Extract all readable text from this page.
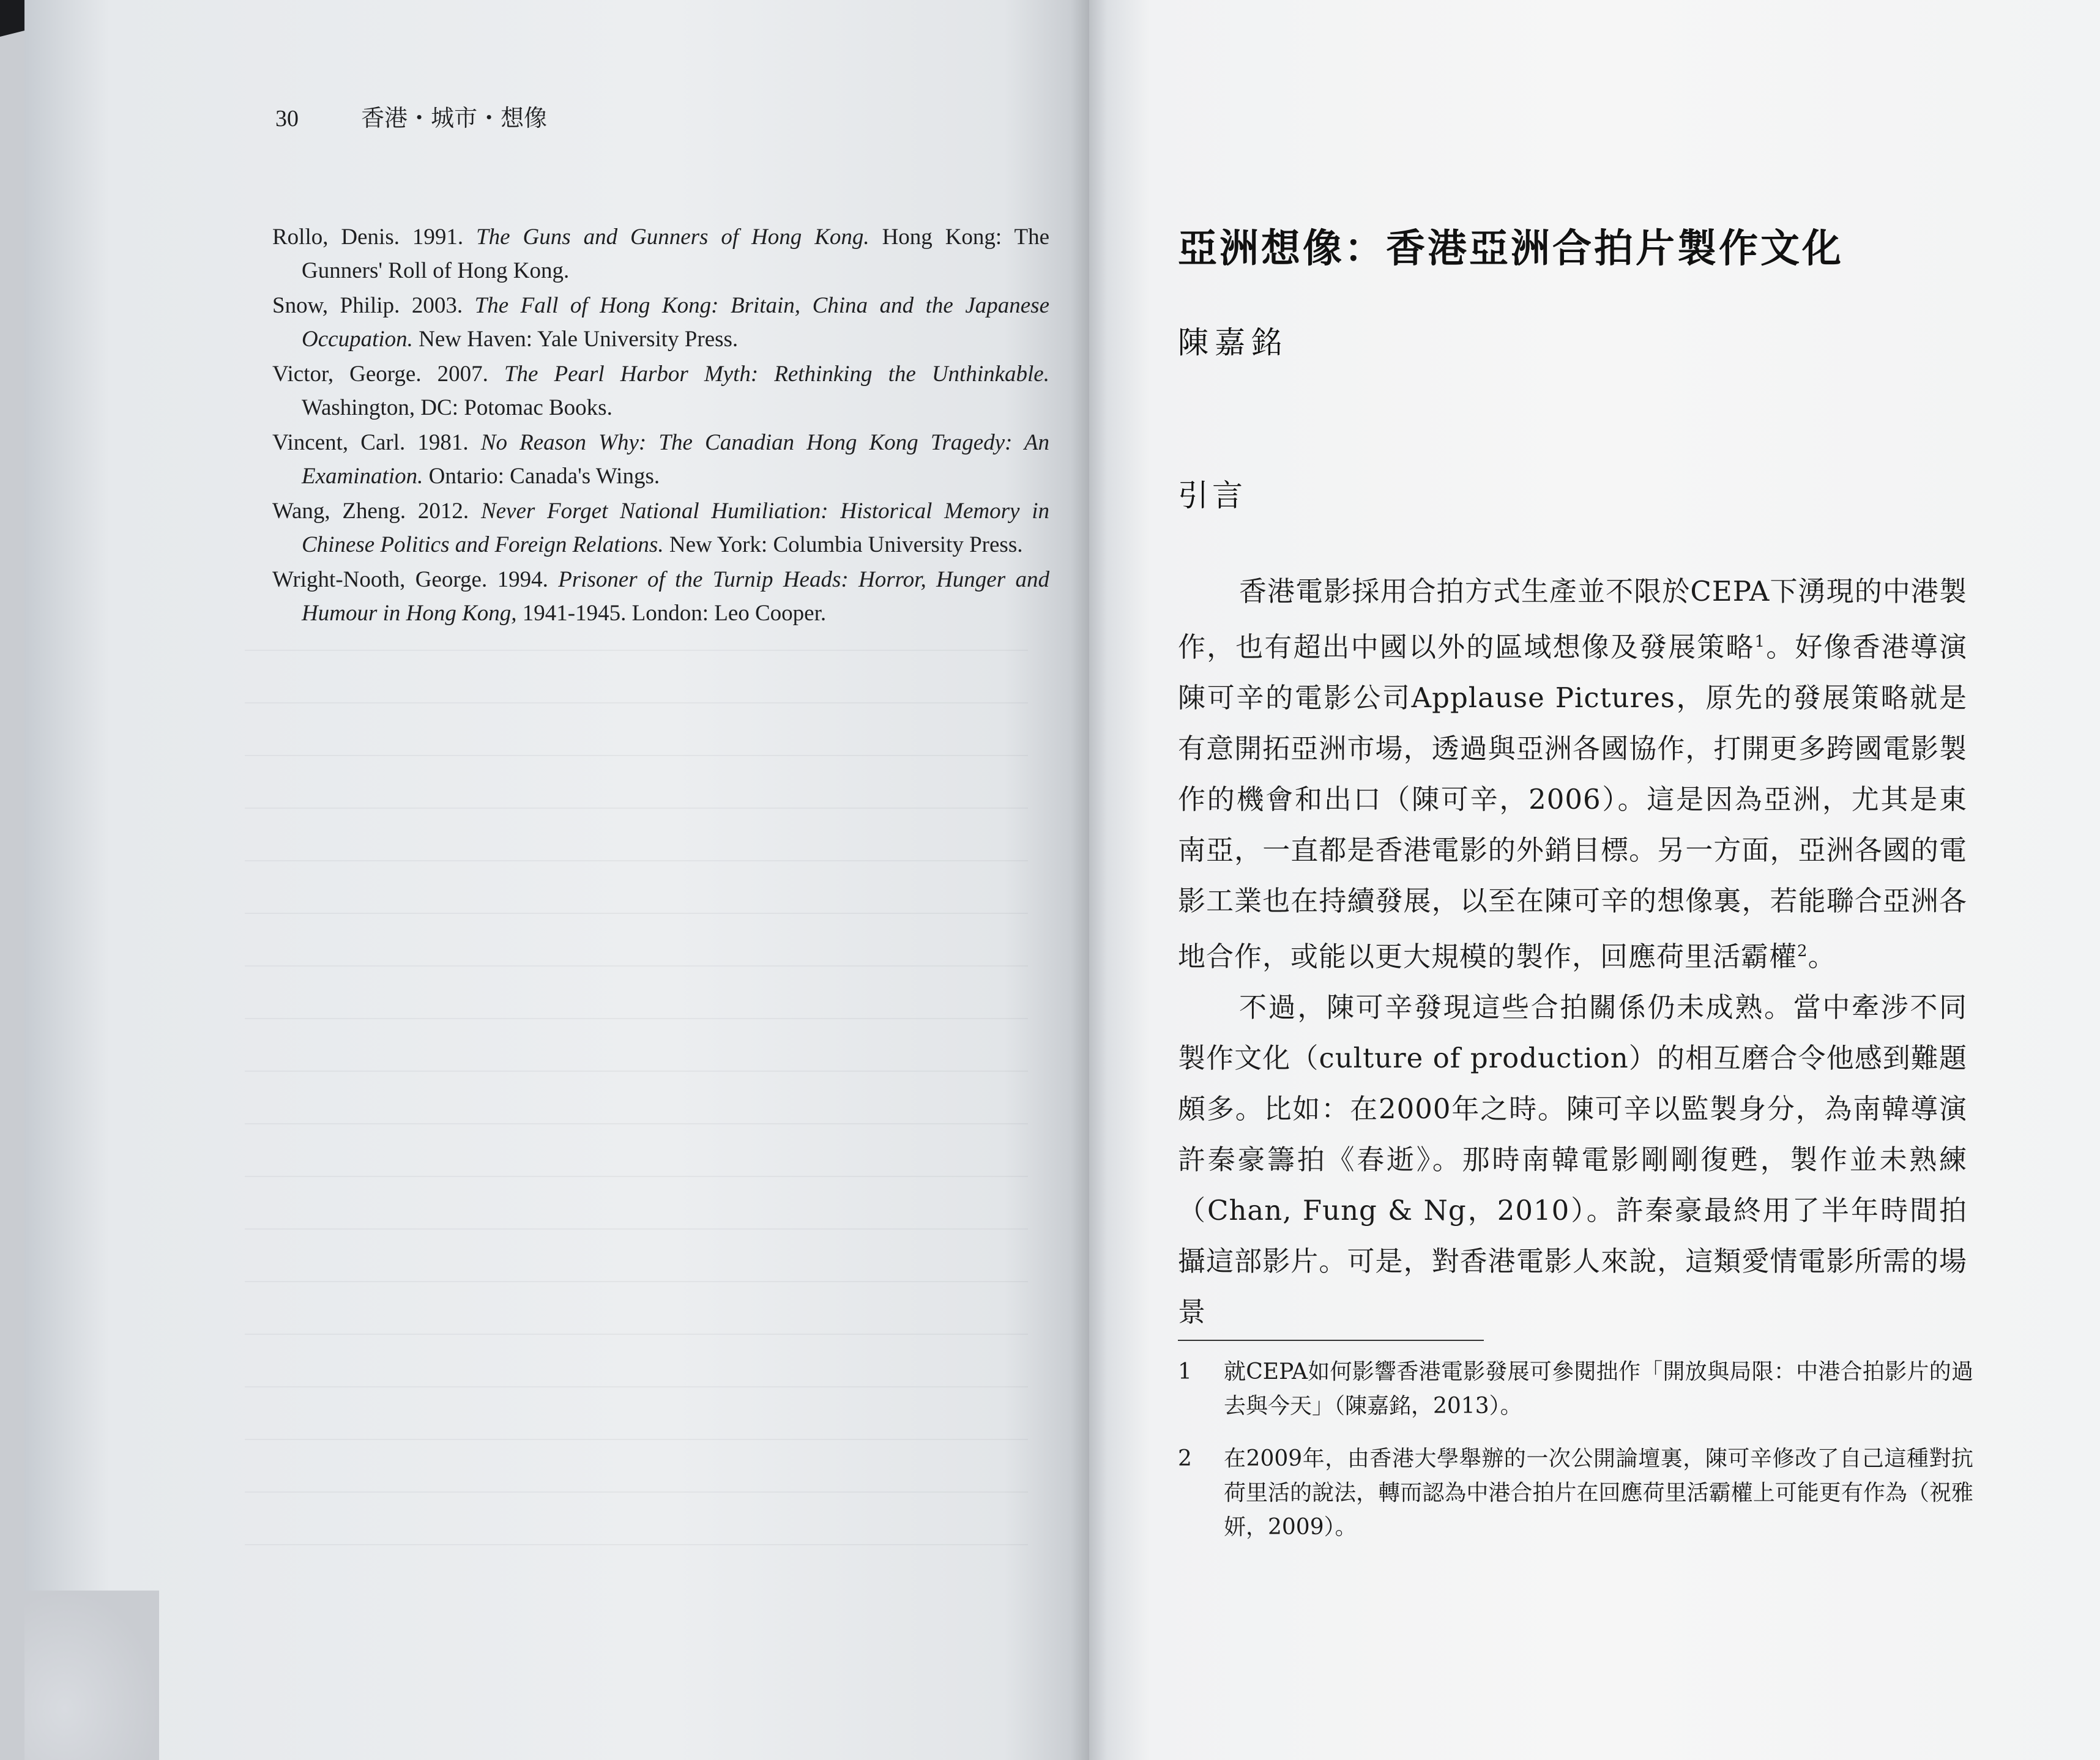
30	香港・城市・想像
Rollo, Denis. 1991. The Guns and Gunners of Hong Kong. Hong Kong: The Gunners' Roll of Hong Kong.
Snow, Philip. 2003. The Fall of Hong Kong: Britain, China and the Japanese Occupation. New Haven: Yale University Press.
Victor, George. 2007. The Pearl Harbor Myth: Rethinking the Unthinkable. Washington, DC: Potomac Books.
Vincent, Carl. 1981. No Reason Why: The Canadian Hong Kong Tragedy: An Examination. Ontario: Canada's Wings.
Wang, Zheng. 2012. Never Forget National Humiliation: Historical Memory in Chinese Politics and Foreign Relations. New York: Columbia University Press.
Wright-Nooth, George. 1994. Prisoner of the Turnip Heads: Horror, Hunger and Humour in Hong Kong, 1941-1945. London: Leo Cooper.
亞洲想像：香港亞洲合拍片製作文化
陳嘉銘
引言

香港電影採用合拍方式生產並不限於CEPA下湧現的中港製作，也有超出中國以外的區域想像及發展策略$^1$。好像香港導演陳可辛的電影公司Applause Pictures，原先的發展策略就是有意開拓亞洲市場，透過與亞洲各國協作，打開更多跨國電影製作的機會和出口（陳可辛，2006）。這是因為亞洲，尤其是東南亞，一直都是香港電影的外銷目標。另一方面，亞洲各國的電影工業也在持續發展，以至在陳可辛的想像裏，若能聯合亞洲各地合作，或能以更大規模的製作，回應荷里活霸權$^2$。

不過，陳可辛發現這些合拍關係仍未成熟。當中牽涉不同製作文化（culture of production）的相互磨合令他感到難題頗多。比如：在2000年之時。陳可辛以監製身分，為南韓導演許秦豪籌拍《春逝》。那時南韓電影剛剛復甦，製作並未熟練（Chan, Fung & Ng，2010）。許秦豪最終用了半年時間拍攝這部影片。可是，對香港電影人來說，這類愛情電影所需的場景

1	就CEPA如何影響香港電影發展可參閱拙作「開放與局限：中港合拍影片的過去與今天」（陳嘉銘，2013）。
2	在2009年，由香港大學舉辦的一次公開論壇裏，陳可辛修改了自己這種對抗荷里活的說法，轉而認為中港合拍片在回應荷里活霸權上可能更有作為（祝雅妍，2009）。
